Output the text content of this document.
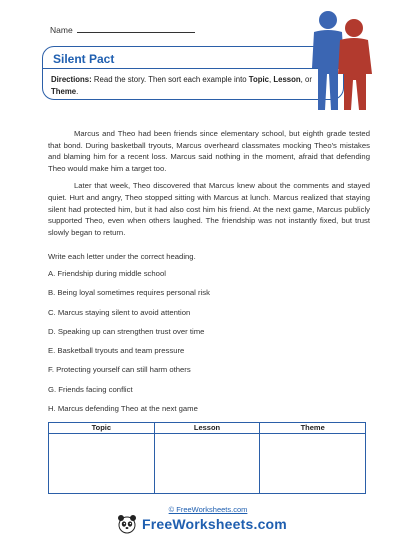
Name
Silent Pact
Directions: Read the story. Then sort each example into Topic, Lesson, or Theme.

Marcus and Theo had been friends since elementary school, but eighth grade tested that bond. During basketball tryouts, Marcus overheard classmates mocking Theo's mistakes and blaming him for a recent loss. Marcus said nothing in the moment, afraid that defending Theo would make him a target too.

Later that week, Theo discovered that Marcus knew about the comments and stayed quiet. Hurt and angry, Theo stopped sitting with Marcus at lunch. Marcus realized that staying silent had protected him, but it had also cost him his friend. At the next game, Marcus publicly supported Theo, even when others laughed. The friendship was not instantly fixed, but trust slowly began to return.

Write each letter under the correct heading.
A. Friendship during middle school
B. Being loyal sometimes requires personal risk
C. Marcus staying silent to avoid attention
D. Speaking up can strengthen trust over time
E. Basketball tryouts and team pressure
F. Protecting yourself can still harm others
G. Friends facing conflict
H. Marcus defending Theo at the next game
Topic	Lesson	Theme
© FreeWorksheets.com
FreeWorksheets.com
